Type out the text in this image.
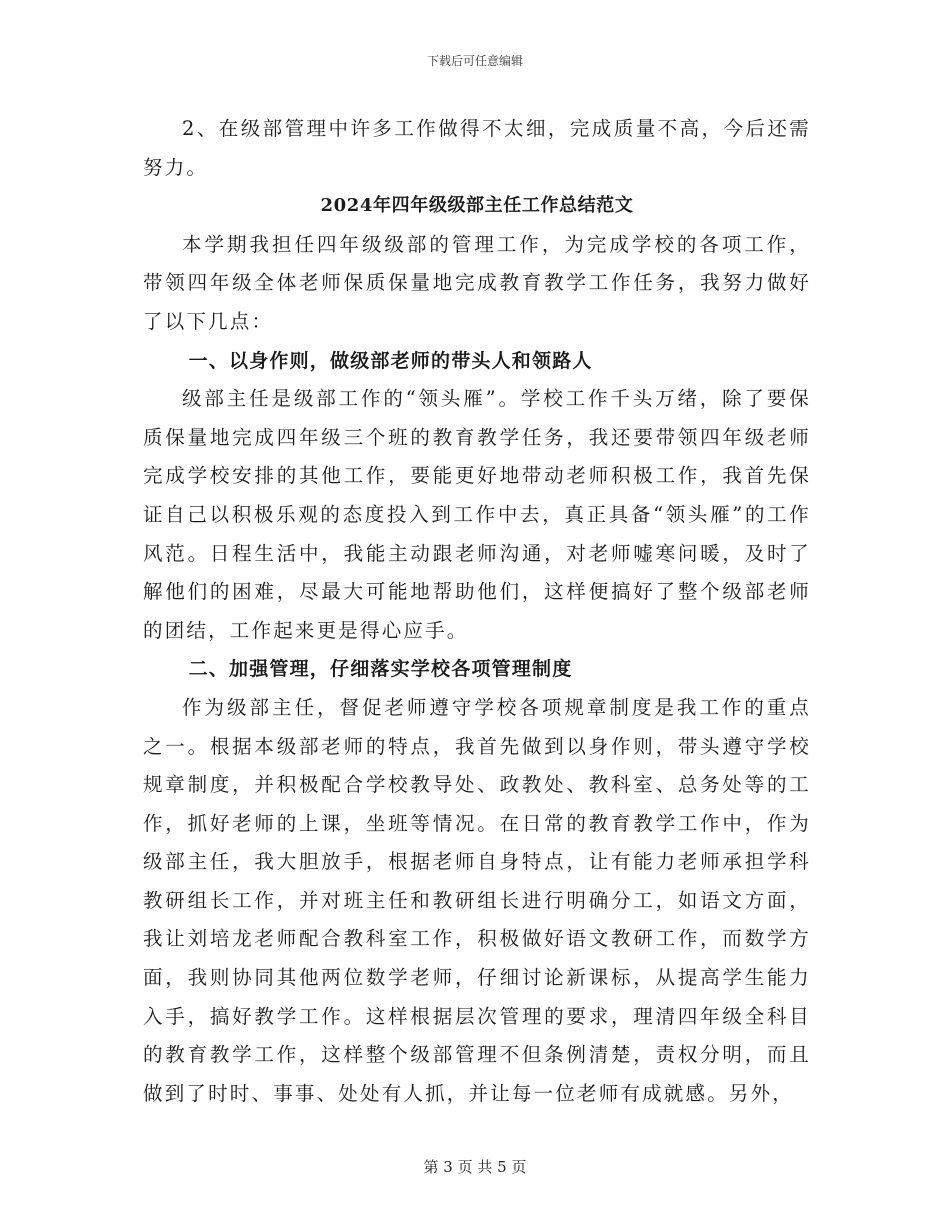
下载后可任意编辑

2、在级部管理中许多工作做得不太细，完成质量不高，今后还需努力。

2024年四年级级部主任工作总结范文

本学期我担任四年级级部的管理工作，为完成学校的各项工作，带领四年级全体老师保质保量地完成教育教学工作任务，我努力做好了以下几点：

一、以身作则，做级部老师的带头人和领路人

级部主任是级部工作的“领头雁”。学校工作千头万绪，除了要保质保量地完成四年级三个班的教育教学任务，我还要带领四年级老师完成学校安排的其他工作，要能更好地带动老师积极工作，我首先保证自己以积极乐观的态度投入到工作中去，真正具备“领头雁”的工作风范。日程生活中，我能主动跟老师沟通，对老师嘘寒问暖，及时了解他们的困难，尽最大可能地帮助他们，这样便搞好了整个级部老师的团结，工作起来更是得心应手。

二、加强管理，仔细落实学校各项管理制度

作为级部主任，督促老师遵守学校各项规章制度是我工作的重点之一。根据本级部老师的特点，我首先做到以身作则，带头遵守学校规章制度，并积极配合学校教导处、政教处、教科室、总务处等的工作，抓好老师的上课，坐班等情况。在日常的教育教学工作中，作为级部主任，我大胆放手，根据老师自身特点，让有能力老师承担学科教研组长工作，并对班主任和教研组长进行明确分工，如语文方面，我让刘培龙老师配合教科室工作，积极做好语文教研工作，而数学方面，我则协同其他两位数学老师，仔细讨论新课标，从提高学生能力入手，搞好教学工作。这样根据层次管理的要求，理清四年级全科目的教育教学工作，这样整个级部管理不但条例清楚，责权分明，而且做到了时时、事事、处处有人抓，并让每一位老师有成就感。另外，

第 3 页 共 5 页
